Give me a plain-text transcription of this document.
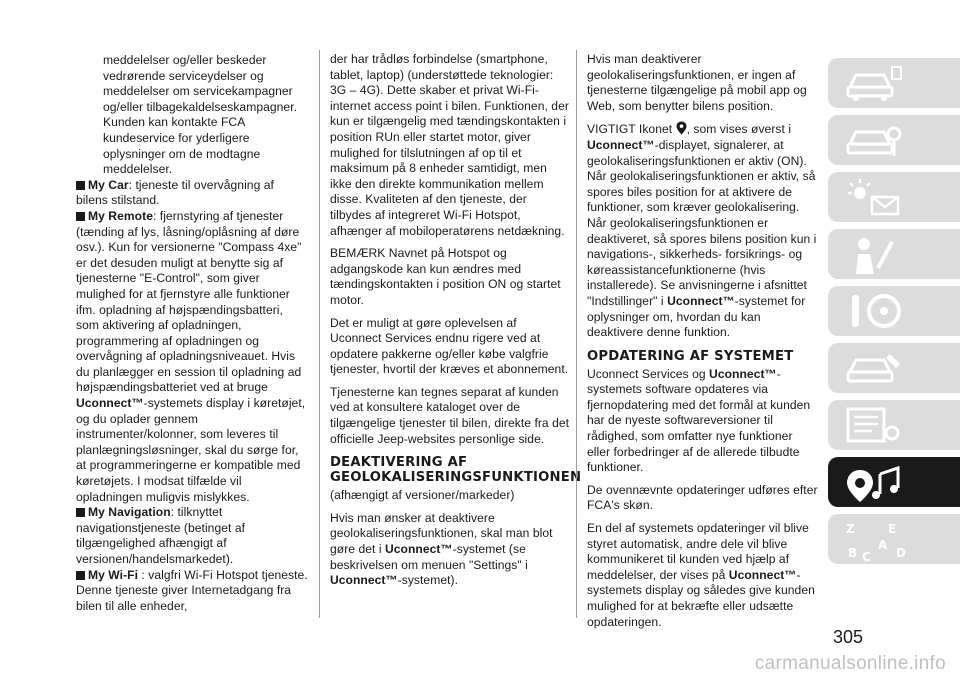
meddelelser og/eller beskeder vedrørende serviceydelser og meddelelser om servicekampagner og/eller tilbagekaldelseskampagner. Kunden kan kontakte FCA kundeservice for yderligere oplysninger om de modtagne meddelelser.

My Car: tjeneste til overvågning af bilens stilstand.

My Remote: fjernstyring af tjenester (tænding af lys, låsning/oplåsning af døre osv.). Kun for versionerne "Compass 4xe" er det desuden muligt at benytte sig af tjenesterne "E-Control", som giver mulighed for at fjernstyre alle funktioner ifm. opladning af højspændingsbatteri, som aktivering af opladningen, programmering af opladningen og overvågning af opladningsniveauet. Hvis du planlægger en session til opladning ad højspændingsbatteriet ved at bruge Uconnect™-systemets display i køretøjet, og du oplader gennem instrumenter/kolonner, som leveres til planlægningsløsninger, skal du sørge for, at programmeringerne er kompatible med køretøjets. I modsat tilfælde vil opladningen muligvis mislykkes.

My Navigation: tilknyttet navigationstjeneste (betinget af tilgængelighed afhængigt af versionen/handelsmarkedet).

My Wi-Fi : valgfri Wi-Fi Hotspot tjeneste. Denne tjeneste giver Internetadgang fra bilen til alle enheder,

der har trådløs forbindelse (smartphone, tablet, laptop) (understøttede teknologier: 3G – 4G). Dette skaber et privat Wi-Fi-internet access point i bilen. Funktionen, der kun er tilgængelig med tændingskontakten i position RUn eller startet motor, giver mulighed for tilslutningen af op til et maksimum på 8 enheder samtidigt, men ikke den direkte kommunikation mellem disse. Kvaliteten af den tjeneste, der tilbydes af integreret Wi-Fi Hotspot, afhænger af mobiloperatørens netdækning.

BEMÆRK Navnet på Hotspot og adgangskode kan kun ændres med tændingskontakten i position ON og startet motor.

Det er muligt at gøre oplevelsen af Uconnect Services endnu rigere ved at opdatere pakkerne og/eller købe valgfrie tjenester, hvortil der kræves et abonnement.

Tjenesterne kan tegnes separat af kunden ved at konsultere kataloget over de tilgængelige tjenester til bilen, direkte fra det officielle Jeep-websites personlige side.

DEAKTIVERING AF GEOLOKALISERINGSFUNKTIONEN

(afhængigt af versioner/markeder)

Hvis man ønsker at deaktivere geolokaliseringsfunktionen, skal man blot gøre det i Uconnect™-systemet (se beskrivelsen om menuen "Settings" i Uconnect™-systemet).

Hvis man deaktiverer geolokaliseringsfunktionen, er ingen af tjenesterne tilgængelige på mobil app og Web, som benytter bilens position.

VIGTIGT Ikonet , som vises øverst i Uconnect™-displayet, signalerer, at geolokaliseringsfunktionen er aktiv (ON). Når geolokaliseringsfunktionen er aktiv, så spores biles position for at aktivere de funktioner, som kræver geolokalisering. Når geolokaliseringsfunktionen er deaktiveret, så spores bilens position kun i navigations-, sikkerheds- forsikrings- og køreassistancefunktionerne (hvis installerede). Se anvisningerne i afsnittet "Indstillinger" i Uconnect™-systemet for oplysninger om, hvordan du kan deaktivere denne funktion.

OPDATERING AF SYSTEMET

Uconnect Services og Uconnect™-systemets software opdateres via fjernopdatering med det formål at kunden har de nyeste softwareversioner til rådighed, som omfatter nye funktioner eller forbedringer af de allerede tilbudte funktioner.

De ovennævnte opdateringer udføres efter FCA's skøn.

En del af systemets opdateringer vil blive styret automatisk, andre dele vil blive kommunikeret til kunden ved hjælp af meddelelser, der vises på Uconnect™-systemets display og således give kunden mulighed for at bekræfte eller udsætte opdateringen.

Z	E
B	D
C
A
305
carmanualsonline.info
